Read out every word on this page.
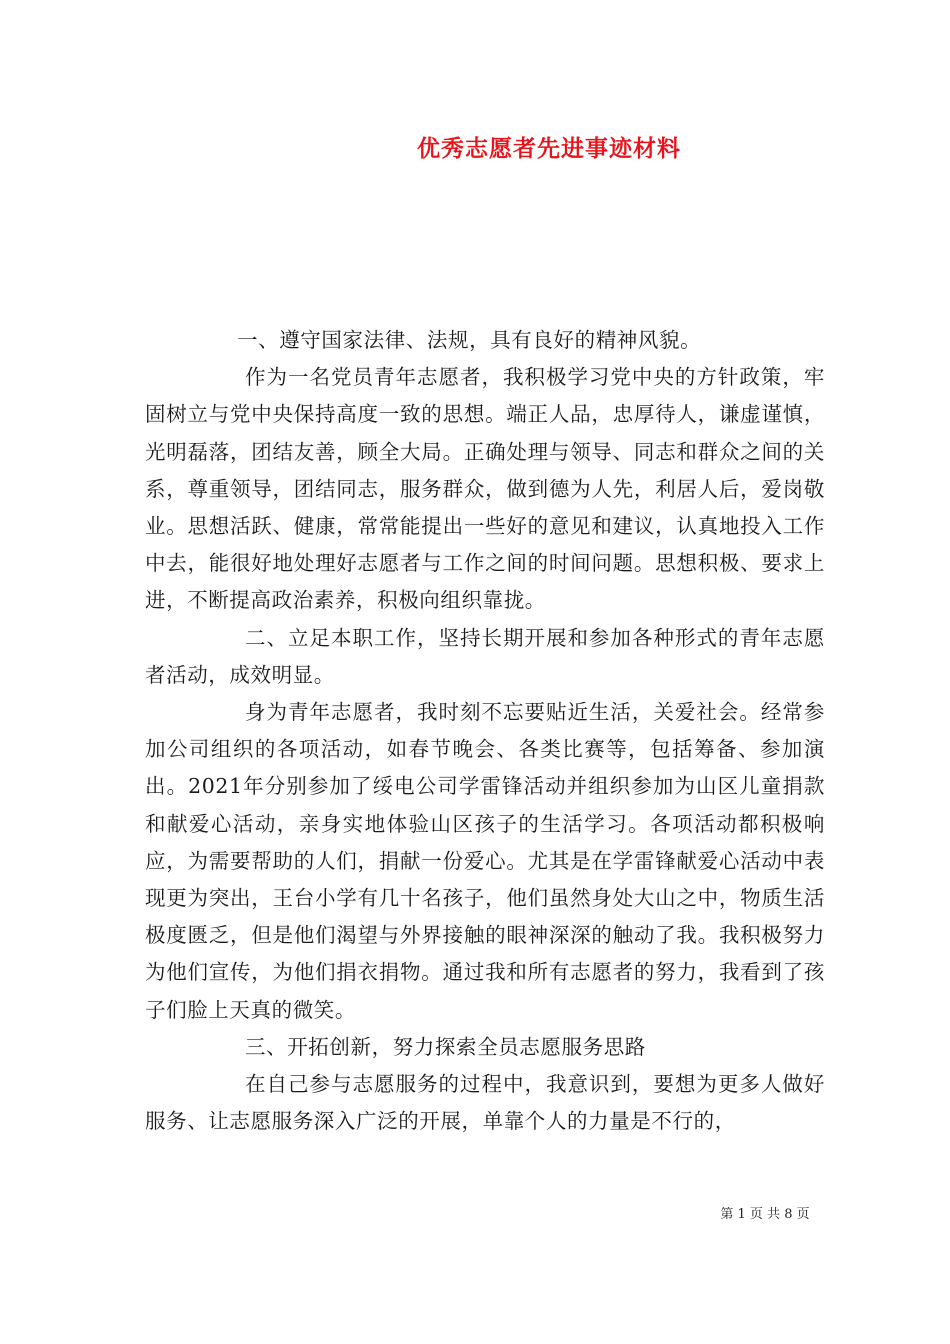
优秀志愿者先进事迹材料

一、遵守国家法律、法规，具有良好的精神风貌。

作为一名党员青年志愿者，我积极学习党中央的方针政策，牢固树立与党中央保持高度一致的思想。端正人品，忠厚待人，谦虚谨慎，光明磊落，团结友善，顾全大局。正确处理与领导、同志和群众之间的关系，尊重领导，团结同志，服务群众，做到德为人先，利居人后，爱岗敬业。思想活跃、健康，常常能提出一些好的意见和建议，认真地投入工作中去，能很好地处理好志愿者与工作之间的时间问题。思想积极、要求上进，不断提高政治素养，积极向组织靠拢。

二、立足本职工作，坚持长期开展和参加各种形式的青年志愿者活动，成效明显。

身为青年志愿者，我时刻不忘要贴近生活，关爱社会。经常参加公司组织的各项活动，如春节晚会、各类比赛等，包括筹备、参加演出。2021年分别参加了绥电公司学雷锋活动并组织参加为山区儿童捐款和献爱心活动，亲身实地体验山区孩子的生活学习。各项活动都积极响应，为需要帮助的人们，捐献一份爱心。尤其是在学雷锋献爱心活动中表现更为突出，王台小学有几十名孩子，他们虽然身处大山之中，物质生活极度匮乏，但是他们渴望与外界接触的眼神深深的触动了我。我积极努力为他们宣传，为他们捐衣捐物。通过我和所有志愿者的努力，我看到了孩子们脸上天真的微笑。

三、开拓创新，努力探索全员志愿服务思路

在自己参与志愿服务的过程中，我意识到，要想为更多人做好服务、让志愿服务深入广泛的开展，单靠个人的力量是不行的，

第 1 页 共 8 页
